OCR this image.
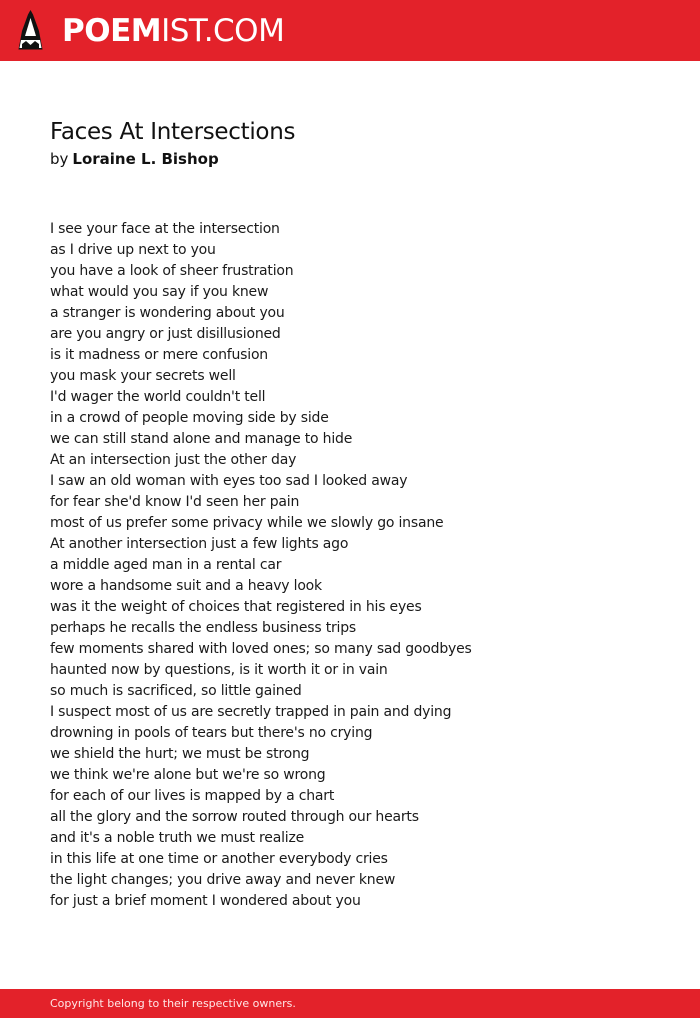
POEMIST.COM
Faces At Intersections
by Loraine L. Bishop
I see your face at the intersection
as I drive up next to you
you have a look of sheer frustration
what would you say if you knew
a stranger is wondering about you
are you angry or just disillusioned
is it madness or mere confusion
you mask your secrets well
I'd wager the world couldn't tell
in a crowd of people moving side by side
we can still stand alone and manage to hide
At an intersection just the other day
I saw an old woman with eyes too sad I looked away
for fear she'd know I'd seen her pain
most of us prefer some privacy while we slowly go insane
At another intersection just a few lights ago
a middle aged man in a rental car
wore a handsome suit and a heavy look
was it the weight of choices that registered in his eyes
perhaps he recalls the endless business trips
few moments shared with loved ones; so many sad goodbyes
haunted now by questions, is it worth it or in vain
so much is sacrificed, so little gained
I suspect most of us are secretly trapped in pain and dying
drowning in pools of tears but there's no crying
we shield the hurt; we must be strong
we think we're alone but we're so wrong
for each of our lives is mapped by a chart
all the glory and the sorrow routed through our hearts
and it's a noble truth we must realize
in this life at one time or another everybody cries
the light changes; you drive away and never knew
for just a brief moment I wondered about you
Copyright belong to their respective owners.
